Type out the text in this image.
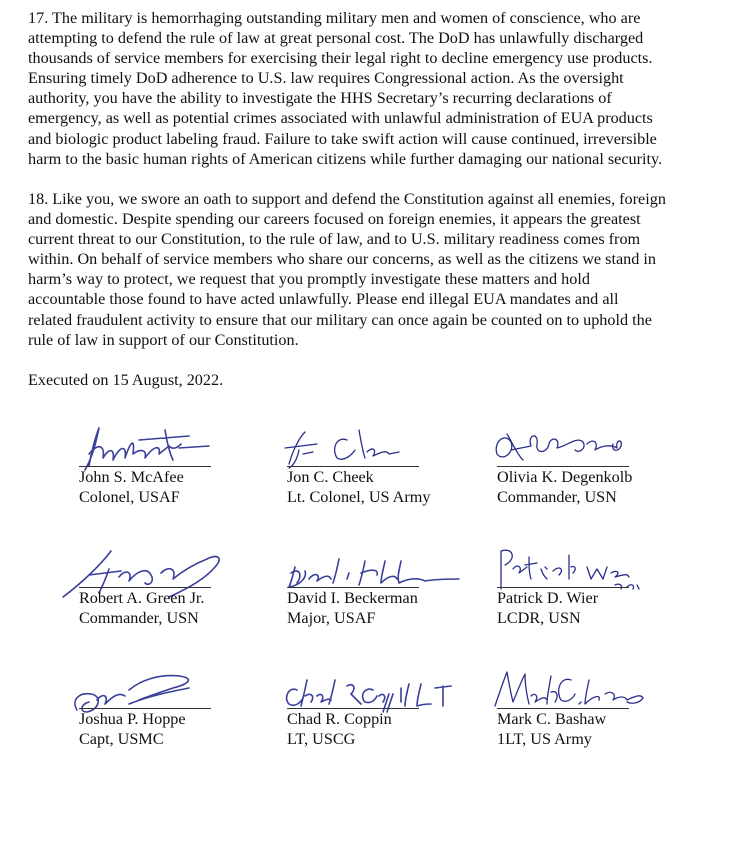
17. The military is hemorrhaging outstanding military men and women of conscience, who are
attempting to defend the rule of law at great personal cost. The DoD has unlawfully discharged
thousands of service members for exercising their legal right to decline emergency use products.
Ensuring timely DoD adherence to U.S. law requires Congressional action. As the oversight
authority, you have the ability to investigate the HHS Secretary’s recurring declarations of
emergency, as well as potential crimes associated with unlawful administration of EUA products
and biologic product labeling fraud. Failure to take swift action will cause continued, irreversible
harm to the basic human rights of American citizens while further damaging our national security.

18. Like you, we swore an oath to support and defend the Constitution against all enemies, foreign
and domestic. Despite spending our careers focused on foreign enemies, it appears the greatest
current threat to our Constitution, to the rule of law, and to U.S. military readiness comes from
within. On behalf of service members who share our concerns, as well as the citizens we stand in
harm’s way to protect, we request that you promptly investigate these matters and hold
accountable those found to have acted unlawfully. Please end illegal EUA mandates and all
related fraudulent activity to ensure that our military can once again be counted on to uphold the
rule of law in support of our Constitution.

Executed on 15 August, 2022.
John S. McAfee
Colonel, USAF
Jon C. Cheek
Lt. Colonel, US Army
Olivia K. Degenkolb
Commander, USN
Robert A. Green Jr.
Commander, USN
David I. Beckerman
Major, USAF
Patrick D. Wier
LCDR, USN
Joshua P. Hoppe
Capt, USMC
Chad R. Coppin
LT, USCG
Mark C. Bashaw
1LT, US Army
